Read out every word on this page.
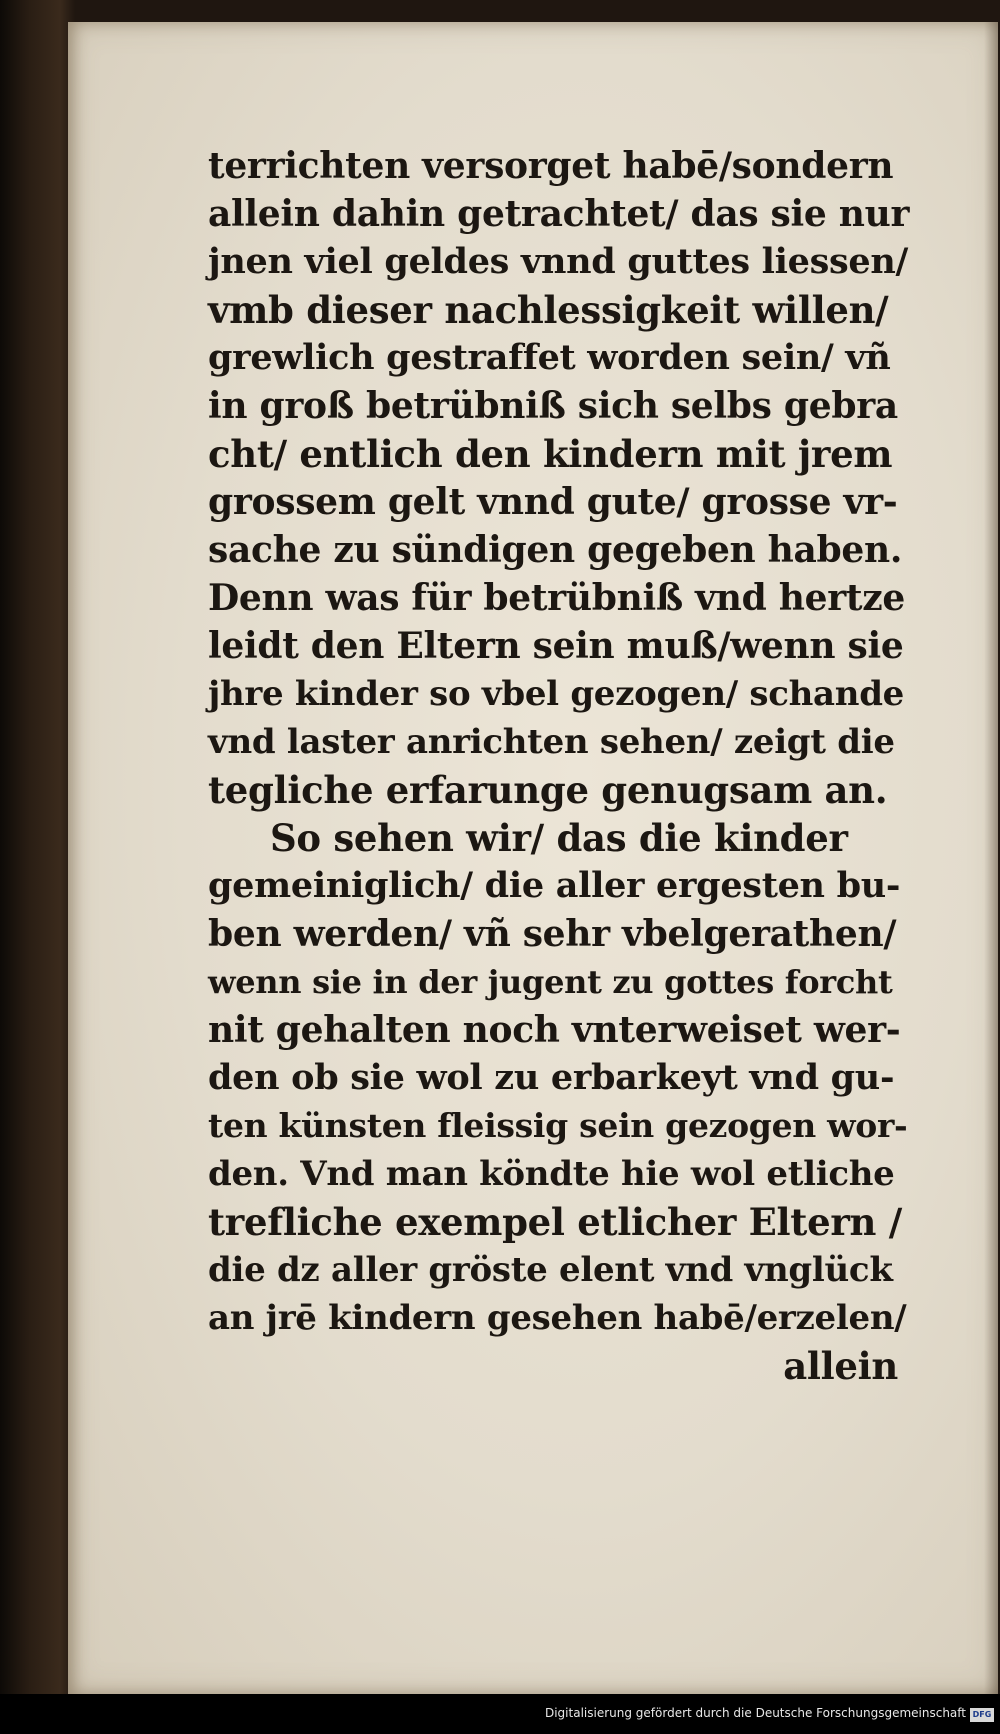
terrichten versorget habē/sondern
allein dahin getrachtet/ das sie nur
jnen viel geldes vnnd guttes liessen/
vmb dieser nachlessigkeit willen/
grewlich gestraffet worden sein/ vñ
in groß betrübniß sich selbs gebra
cht/ entlich den kindern mit jrem
grossem gelt vnnd gute/ grosse vr-
sache zu sündigen gegeben haben.
Denn was für betrübniß vnd hertze
leidt den Eltern sein muß/wenn sie
jhre kinder so vbel gezogen/ schande
vnd laster anrichten sehen/ zeigt die
tegliche erfarunge genugsam an.
So sehen wir/ das die kinder
gemeiniglich/ die aller ergesten bu-
ben werden/ vñ sehr vbelgerathen/
wenn sie in der jugent zu gottes forcht
nit gehalten noch vnterweiset wer-
den ob sie wol zu erbarkeyt vnd gu-
ten künsten fleissig sein gezogen wor-
den. Vnd man köndte hie wol etliche
trefliche exempel etlicher Eltern /
die dz aller gröste elent vnd vnglück
an jrē kindern gesehen habē/erzelen/
allein
Digitalisierung gefördert durch die Deutsche Forschungsgemeinschaft DFG
